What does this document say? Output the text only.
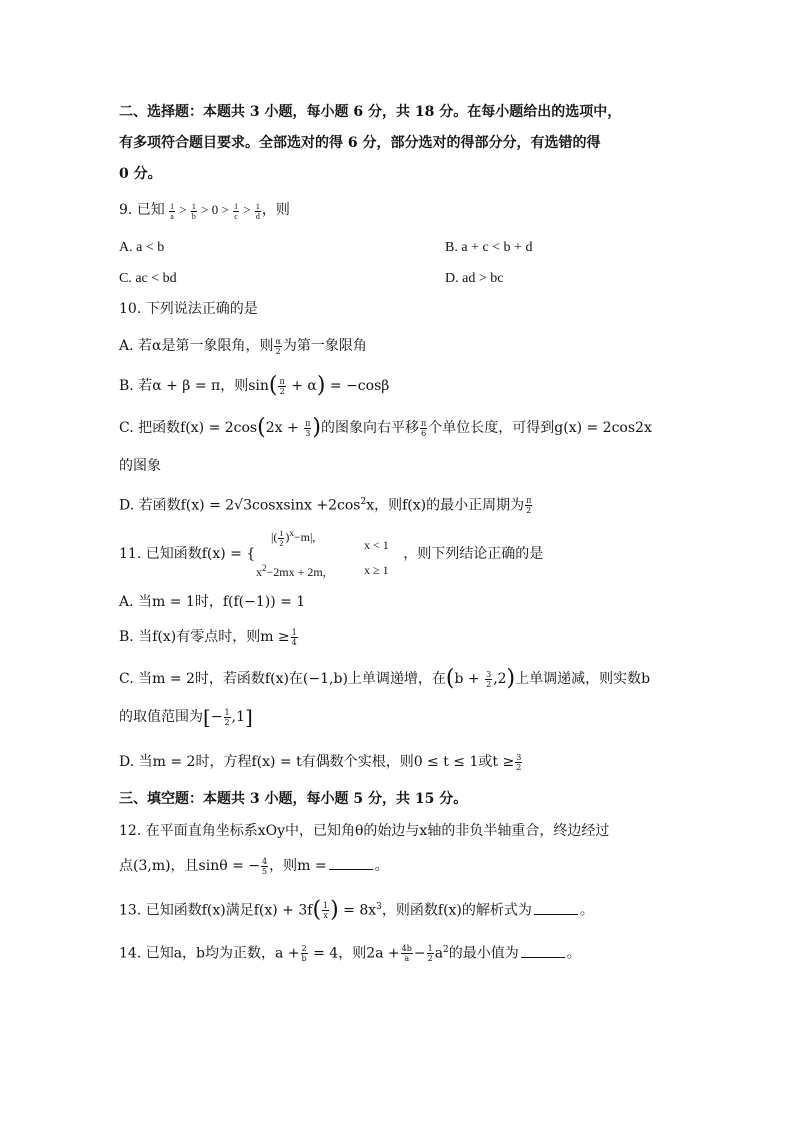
二、选择题：本题共 3 小题，每小题 6 分，共 18 分。在每小题给出的选项中，
有多项符合题目要求。全部选对的得 6 分，部分选对的得部分分，有选错的得
0 分。
9. 已知 $\frac{1}{a} > \frac{1}{b} > 0 > \frac{1}{c} > \frac{1}{d}$ ，则
A. a < b	B. a + c < b + d
C. ac < bd	D. ad > bc
10. 下列说法正确的是
A. 若α是第一象限角，则 $\frac{\alpha}{2}$ 为第一象限角
B. 若α + β = π，则$\sin( \frac{\pi}{2} + \alpha) = -\cos\beta$
C. 把函数$f(x) = 2\cos(2x + \frac{\pi}{3}$ )的图象向右平移 $\frac{\pi}{6}$ 个单位长度，可得到g(x) = 2cos2x
的图象
D. 若函数f(x) = 2√3cosxsinx $+2\cos^2x$，则f(x)的最小正周期为 $\frac{\pi}{2}$
11. 已知函数f(x) = {	，则下列结论正确的是
|( $\frac{1}{2} )^x-m|$,
x < 1
$x^2-2mx + 2m$,	x ≥ 1
A. 当m = 1时，f(f(−1)) = 1
B. 当f(x)有零点时，则$m \ge \frac{1}{4}$
C. 当m = 2时，若函数f(x)在(−1,b)上单调递增，在$(b + \frac{3}{2} ,2)$上单调递减，则实数b
的取值范围为[− $\frac{1}{2} ,1$]
D. 当m = 2时，方程f(x) = t有偶数个实根，则0 ≤ t ≤ 1或$t \ge \frac{3}{2}$
三、填空题：本题共 3 小题，每小题 5 分，共 15 分。
12. 在平面直角坐标系xOy中，已知角θ的始边与x轴的非负半轴重合，终边经过
点(3,m)，且sinθ = − $\frac{4}{5}$ ，则m =	。
13. 已知函数f(x)满足$f(x) + 3f( \frac{1}{x}$ ) = $8x^3$，则函数f(x)的解析式为	。
14. 已知a，b均为正数，$a + \frac{2}{b} = 4$，则$2a + \frac{4b}{a} - \frac{1}{2} a^2$的最小值为	。
